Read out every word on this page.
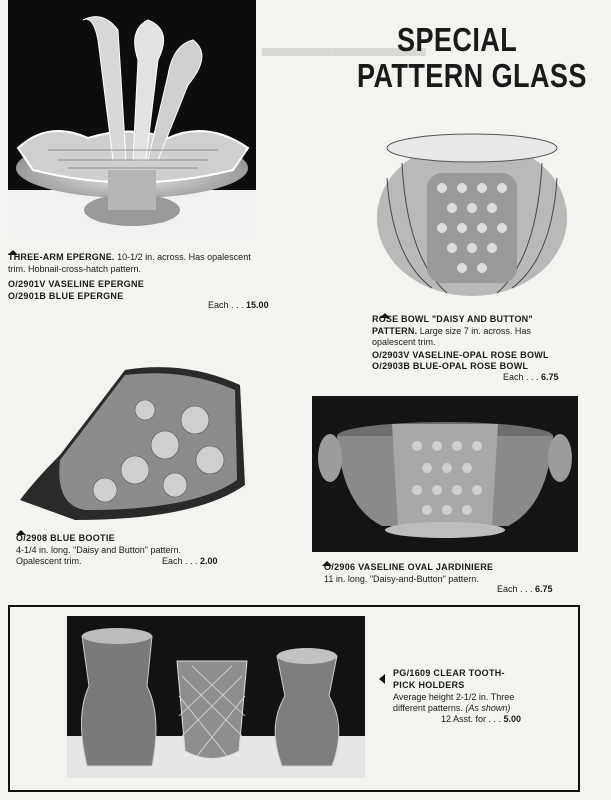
▬▬▬▬▬▬▬
SPECIAL
PATTERN GLASS
THREE-ARM EPERGNE. 10-1/2 in. across. Has opalescent trim. Hobnail-cross-hatch pattern.
O/2901V VASELINE EPERGNE
O/2901B BLUE EPERGNE
Each . . . 15.00
ROSE BOWL "DAISY AND BUTTON" PATTERN. Large size 7 in. across. Has opalescent trim.
O/2903V VASELINE-OPAL ROSE BOWL
O/2903B BLUE-OPAL ROSE BOWL
Each . . . 6.75
O/2908 BLUE BOOTIE
4-1/4 in. long. "Daisy and Button" pattern.
Opalescent trim.	Each . . . 2.00
O/2906 VASELINE OVAL JARDINIERE
11 in. long. "Daisy-and-Button" pattern.
Each . . . 6.75
PG/1609 CLEAR TOOTH-
PICK HOLDERS
Average height 2-1/2 in. Three
different patterns. (As shown)
12 Asst. for . . . 5.00
